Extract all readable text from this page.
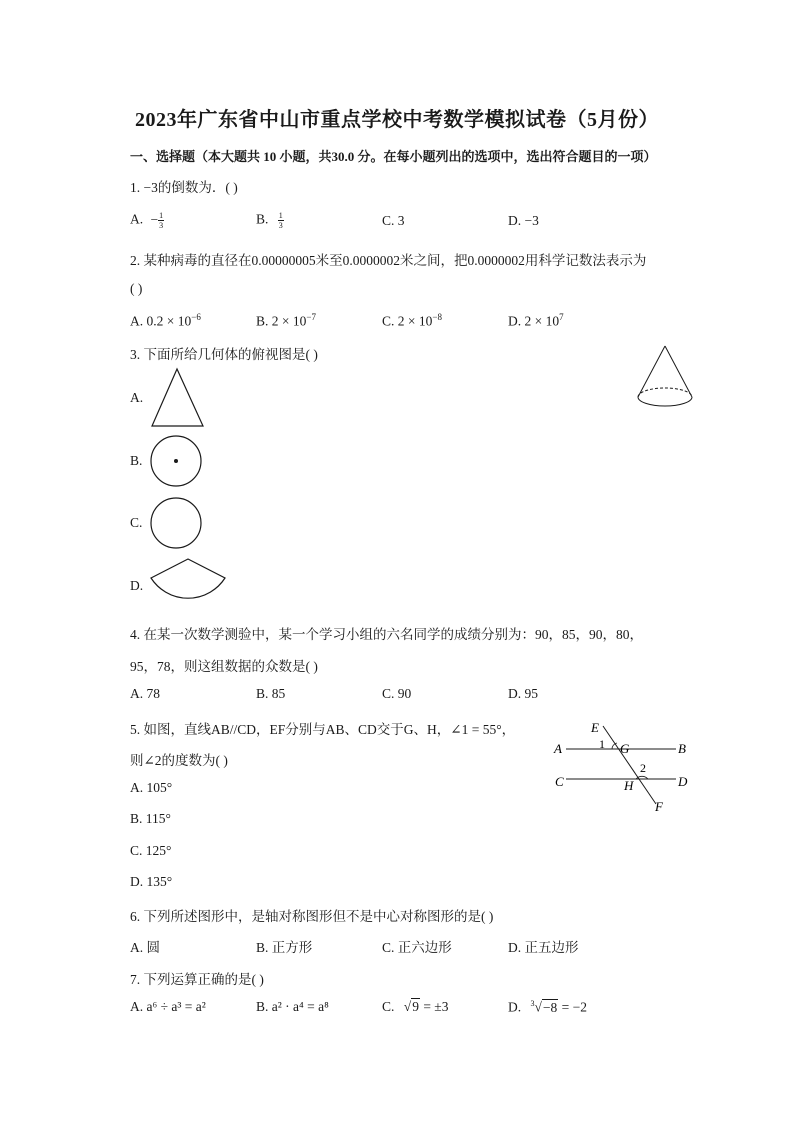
2023年广东省中山市重点学校中考数学模拟试卷（5月份）
一、选择题（本大题共 10 小题，共30.0 分。在每小题列出的选项中，选出符合题目的一项）
1. −3的倒数为．( )
A. − $\frac{1}{3}$	B. $\frac{1}{3}$	C. 3	D. −3
2. 某种病毒的直径在0.00000005米至0.0000002米之间，把0.0000002用科学记数法表示为
( )
A. $0.2 \times 10^{-6}$	B. $2 \times 10^{-7}$	C. $2 \times 10^{-8}$	D. $2 \times 10^7$
3. 下面所给几何体的俯视图是( )
A.
B.
C.
D.
4. 在某一次数学测验中，某一个学习小组的六名同学的成绩分别为：90，85，90，80，
95，78，则这组数据的众数是( )
A. 78	B. 85	C. 90	D. 95
5. 如图，直线AB//CD，EF分别与AB、CD交于G、H，∠1 = 55°，
则∠2的度数为( )
A. 105°
B. 115°
C. 125°
D. 135°
E
A	1 G	B
2
C	H	D
F
6. 下列所述图形中，是轴对称图形但不是中心对称图形的是( )
A. 圆	B. 正方形	C. 正六边形	D. 正五边形
7. 下列运算正确的是( )
A. a⁶ ÷ a³ = a²	B. a² · a⁴ = a⁸	C. √9 = ±3	D. $^3$√−8 = −2
